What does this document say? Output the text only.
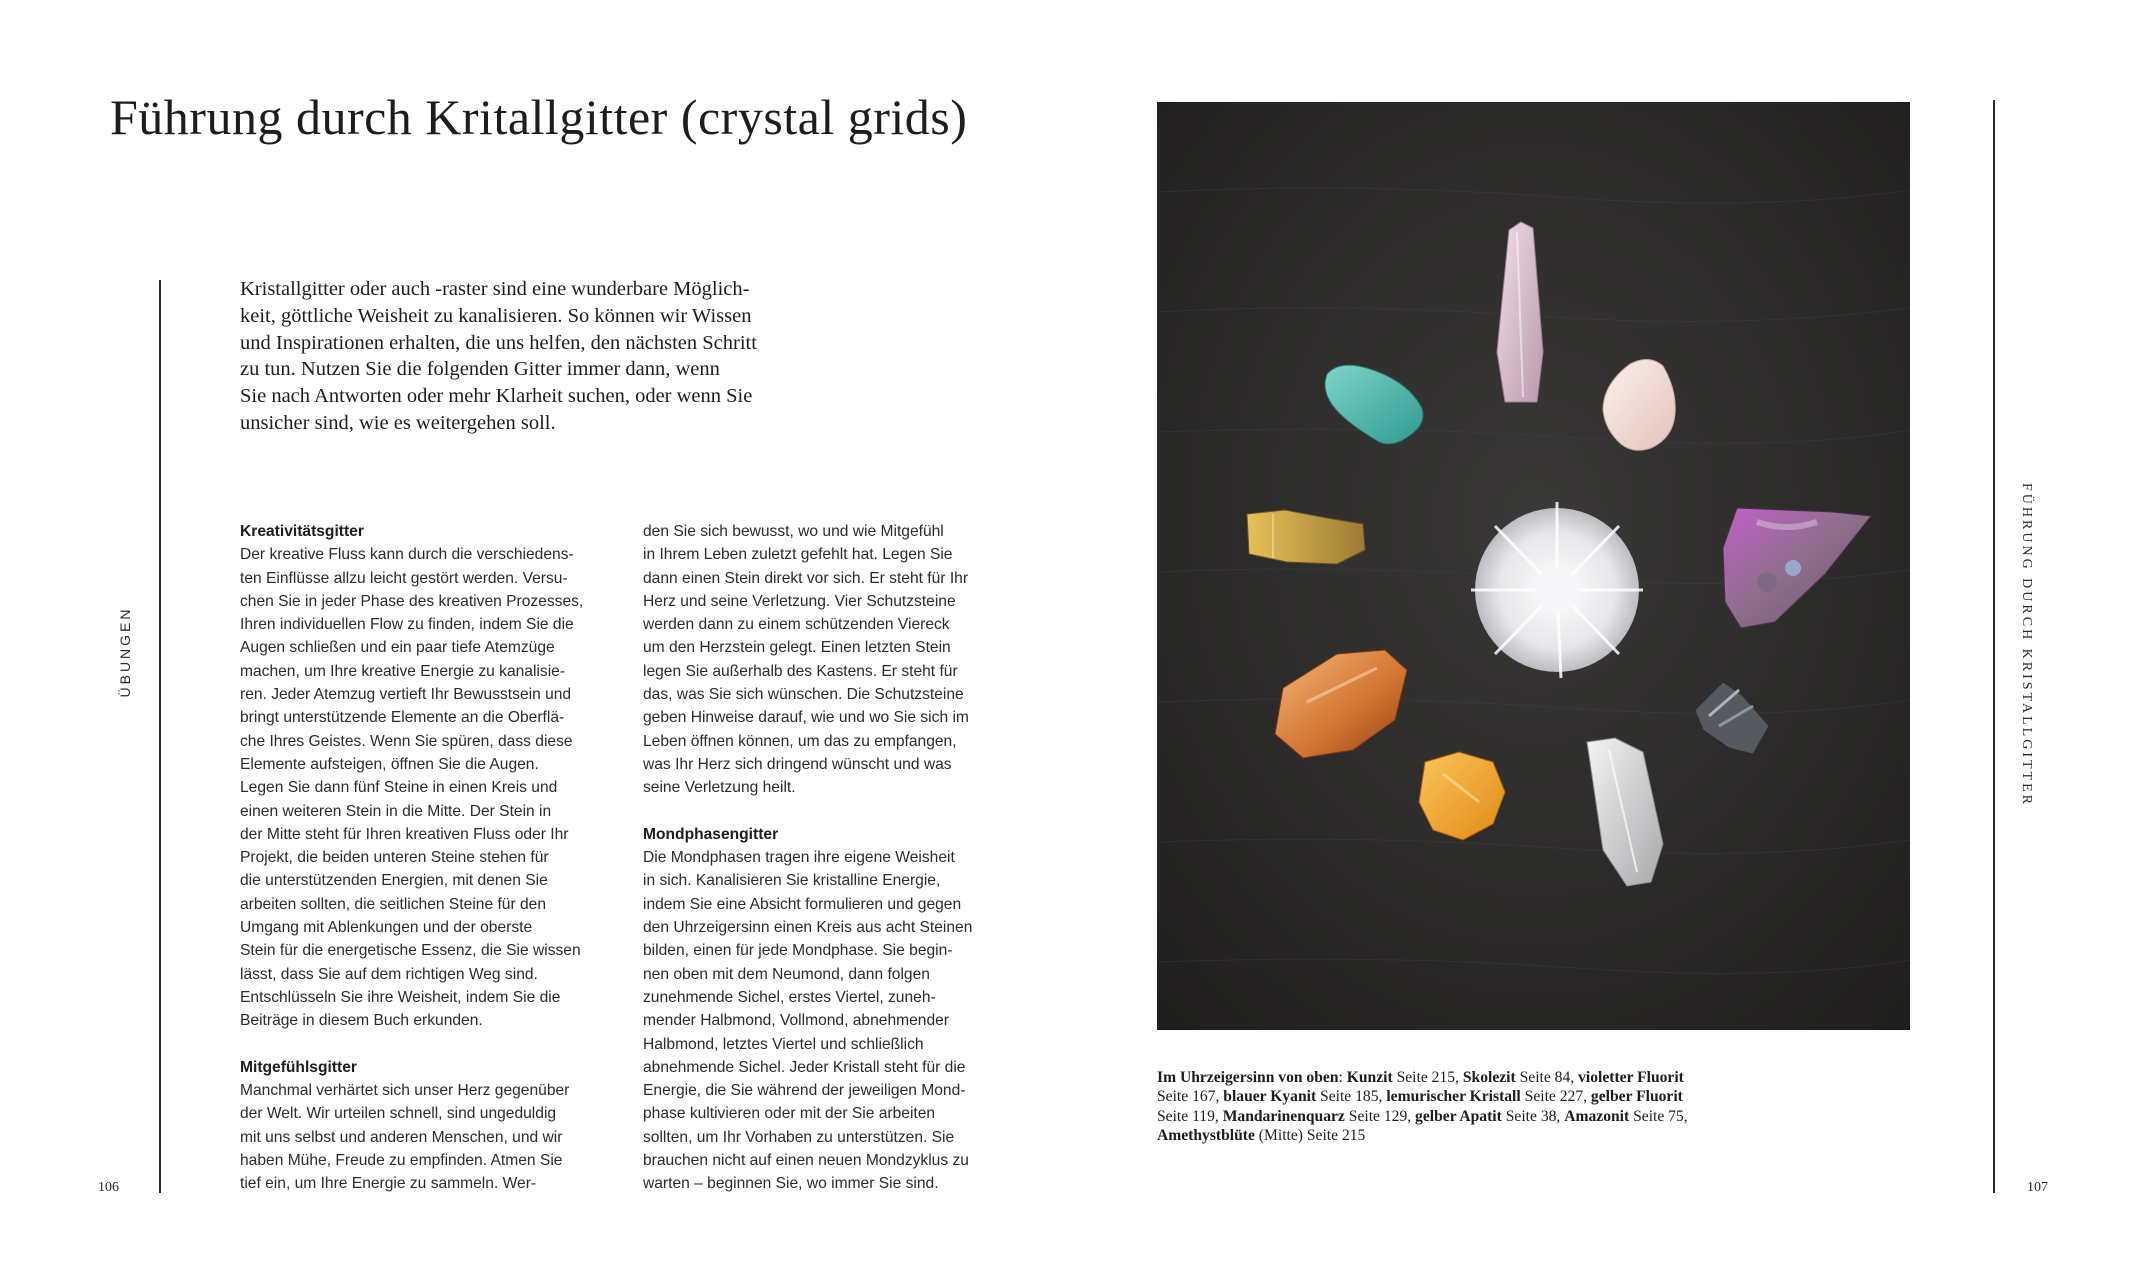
Führung durch Kritallgitter (crystal grids)
ÜBUNGEN	FÜHRUNG DURCH KRISTALLGITTER
Kristallgitter oder auch -raster sind eine wunderbare Möglich-
keit, göttliche Weisheit zu kanalisieren. So können wir Wissen
und Inspirationen erhalten, die uns helfen, den nächsten Schritt
zu tun. Nutzen Sie die folgenden Gitter immer dann, wenn
Sie nach Antworten oder mehr Klarheit suchen, oder wenn Sie
unsicher sind, wie es weitergehen soll.

Kreativitätsgitter

Der kreative Fluss kann durch die verschiedens-

ten Einflüsse allzu leicht gestört werden. Versu-

chen Sie in jeder Phase des kreativen Prozesses,

Ihren individuellen Flow zu finden, indem Sie die

Augen schließen und ein paar tiefe Atemzüge

machen, um Ihre kreative Energie zu kanalisie-

ren. Jeder Atemzug vertieft Ihr Bewusstsein und

bringt unterstützende Elemente an die Oberflä-

che Ihres Geistes. Wenn Sie spüren, dass diese

Elemente aufsteigen, öffnen Sie die Augen.

Legen Sie dann fünf Steine in einen Kreis und

einen weiteren Stein in die Mitte. Der Stein in

der Mitte steht für Ihren kreativen Fluss oder Ihr

Projekt, die beiden unteren Steine stehen für

die unterstützenden Energien, mit denen Sie

arbeiten sollten, die seitlichen Steine für den

Umgang mit Ablenkungen und der oberste

Stein für die energetische Essenz, die Sie wissen

lässt, dass Sie auf dem richtigen Weg sind.

Entschlüsseln Sie ihre Weisheit, indem Sie die

Beiträge in diesem Buch erkunden.

Mitgefühlsgitter

Manchmal verhärtet sich unser Herz gegenüber

der Welt. Wir urteilen schnell, sind ungeduldig

mit uns selbst und anderen Menschen, und wir

haben Mühe, Freude zu empfinden. Atmen Sie

tief ein, um Ihre Energie zu sammeln. Wer-

den Sie sich bewusst, wo und wie Mitgefühl

in Ihrem Leben zuletzt gefehlt hat. Legen Sie

dann einen Stein direkt vor sich. Er steht für Ihr

Herz und seine Verletzung. Vier Schutzsteine

werden dann zu einem schützenden Viereck

um den Herzstein gelegt. Einen letzten Stein

legen Sie außerhalb des Kastens. Er steht für

das, was Sie sich wünschen. Die Schutzsteine

geben Hinweise darauf, wie und wo Sie sich im

Leben öffnen können, um das zu empfangen,

was Ihr Herz sich dringend wünscht und was

seine Verletzung heilt.

Mondphasengitter

Die Mondphasen tragen ihre eigene Weisheit

in sich. Kanalisieren Sie kristalline Energie,

indem Sie eine Absicht formulieren und gegen

den Uhrzeigersinn einen Kreis aus acht Steinen

bilden, einen für jede Mondphase. Sie begin-

nen oben mit dem Neumond, dann folgen

zunehmende Sichel, erstes Viertel, zuneh-

mender Halbmond, Vollmond, abnehmender

Halbmond, letztes Viertel und schließlich

abnehmende Sichel. Jeder Kristall steht für die

Energie, die Sie während der jeweiligen Mond-

phase kultivieren oder mit der Sie arbeiten

sollten, um Ihr Vorhaben zu unterstützen. Sie

brauchen nicht auf einen neuen Mondzyklus zu

warten – beginnen Sie, wo immer Sie sind.

Im Uhrzeigersinn von oben: Kunzit Seite 215, Skolezit Seite 84, violetter Fluorit Seite 167, blauer Kyanit Seite 185, lemurischer Kristall Seite 227, gelber Fluorit Seite 119, Mandarinenquarz Seite 129, gelber Apatit Seite 38, Amazonit Seite 75,
Amethystblüte (Mitte) Seite 215
106	107
